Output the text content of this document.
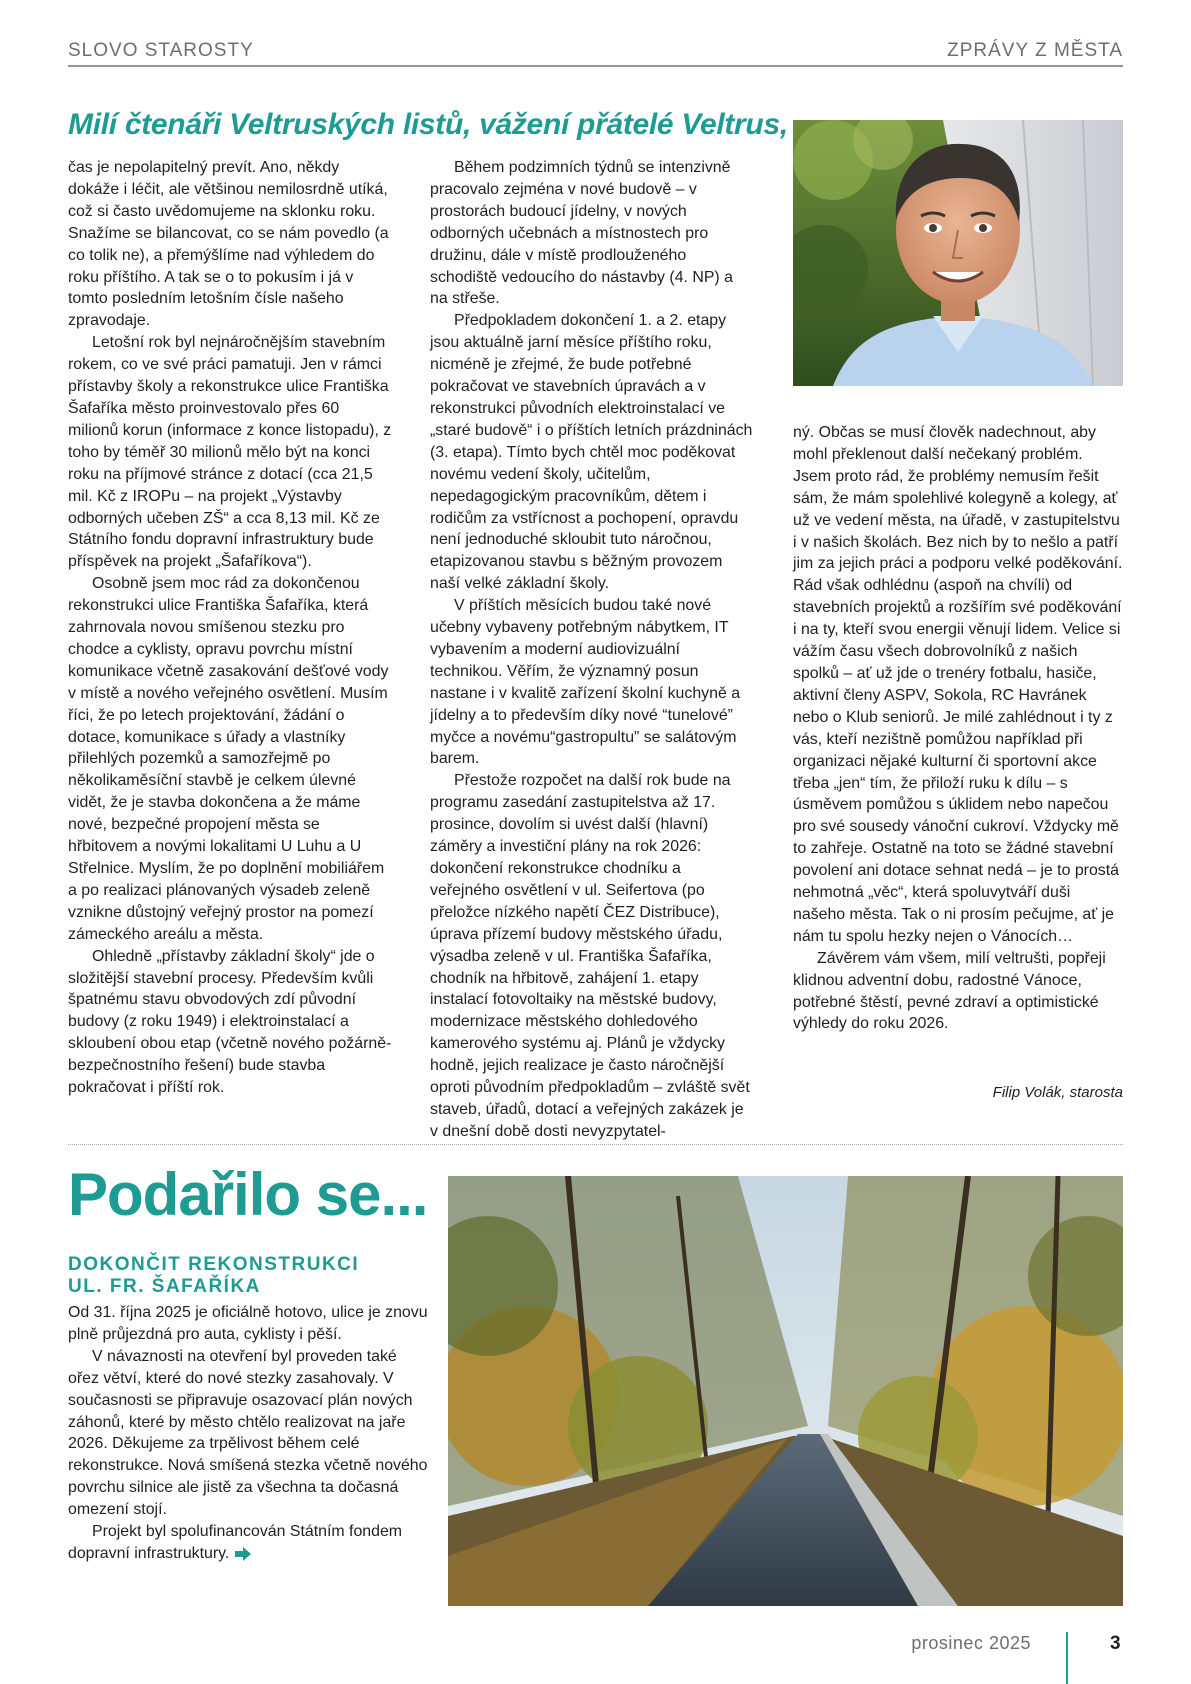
SLOVO STAROSTY	ZPRÁVY Z MĚSTA
Milí čtenáři Veltruských listů, vážení přátelé Veltrus,

čas je nepolapitelný prevít. Ano, někdy dokáže i léčit, ale většinou nemilosrdně utíká, což si často uvědomujeme na sklonku roku. Snažíme se bilancovat, co se nám povedlo (a co tolik ne), a přemýšlíme nad výhledem do roku příštího. A tak se o to pokusím i já v tomto posledním letošním čísle našeho zpravodaje.

Letošní rok byl nejnáročnějším stavebním rokem, co ve své práci pamatuji. Jen v rámci přístavby školy a rekonstrukce ulice Františka Šafaříka město proinvestovalo přes 60 milionů korun (informace z konce listopadu), z toho by téměř 30 milionů mělo být na konci roku na příjmové stránce z dotací (cca 21,5 mil. Kč z IROPu – na projekt „Výstavby odborných učeben ZŠ“ a cca 8,13 mil. Kč ze Státního fondu dopravní infrastruktury bude příspěvek na projekt „Šafaříkova“).

Osobně jsem moc rád za dokončenou rekonstrukci ulice Františka Šafaříka, která zahrnovala novou smíšenou stezku pro chodce a cyklisty, opravu povrchu místní komunikace včetně zasakování dešťové vody v místě a nového veřejného osvětlení. Musím říci, že po letech projektování, žádání o dotace, komunikace s úřady a vlastníky přilehlých pozemků a samozřejmě po několikaměsíční stavbě je celkem úlevné vidět, že je stavba dokončena a že máme nové, bezpečné propojení města se hřbitovem a novými lokalitami U Luhu a U Střelnice. Myslím, že po doplnění mobiliářem a po realizaci plánovaných výsadeb zeleně vznikne důstojný veřejný prostor na pomezí zámeckého areálu a města.

Ohledně „přístavby základní školy“ jde o složitější stavební procesy. Především kvůli špatnému stavu obvodových zdí původní budovy (z roku 1949) i elektroinstalací a skloubení obou etap (včetně nového požárně-bezpečnostního řešení) bude stavba pokračovat i příští rok.

Během podzimních týdnů se intenzivně pracovalo zejména v nové budově – v prostorách budoucí jídelny, v nových odborných učebnách a místnostech pro družinu, dále v místě prodlouženého schodiště vedoucího do nástavby (4. NP) a na střeše.

Předpokladem dokončení 1. a 2. etapy jsou aktuálně jarní měsíce příštího roku, nicméně je zřejmé, že bude potřebné pokračovat ve stavebních úpravách a v rekonstrukci původních elektroinstalací ve „staré budově“ i o příštích letních prázdninách (3. etapa). Tímto bych chtěl moc poděkovat novému vedení školy, učitelům, nepedagogickým pracovníkům, dětem i rodičům za vstřícnost a pochopení, opravdu není jednoduché skloubit tuto náročnou, etapizovanou stavbu s běžným provozem naší velké základní školy.

V příštích měsících budou také nové učebny vybaveny potřebným nábytkem, IT vybavením a moderní audiovizuální technikou. Věřím, že významný posun nastane i v kvalitě zařízení školní kuchyně a jídelny a to především díky nové “tunelové” myčce a novému“gastropultu” se salátovým barem.

Přestože rozpočet na další rok bude na programu zasedání zastupitelstva až 17. prosince, dovolím si uvést další (hlavní) záměry a investiční plány na rok 2026: dokončení rekonstrukce chodníku a veřejného osvětlení v ul. Seifertova (po přeložce nízkého napětí ČEZ Distribuce), úprava přízemí budovy městského úřadu, výsadba zeleně v ul. Františka Šafaříka, chodník na hřbitově, zahájení 1. etapy instalací fotovoltaiky na městské budovy, modernizace městského dohledového kamerového systému aj. Plánů je vždycky hodně, jejich realizace je často náročnější oproti původním předpokladům – zvláště svět staveb, úřadů, dotací a veřejných zakázek je v dnešní době dosti nevyzpytatel-

ný. Občas se musí člověk nadechnout, aby mohl překlenout další nečekaný problém. Jsem proto rád, že problémy nemusím řešit sám, že mám spolehlivé kolegyně a kolegy, ať už ve vedení města, na úřadě, v zastupitelstvu i v našich školách. Bez nich by to nešlo a patří jim za jejich práci a podporu velké poděkování. Rád však odhlédnu (aspoň na chvíli) od stavebních projektů a rozšířím své poděkování i na ty, kteří svou energii věnují lidem. Velice si vážím času všech dobrovolníků z našich spolků – ať už jde o trenéry fotbalu, hasiče, aktivní členy ASPV, Sokola, RC Havránek nebo o Klub seniorů. Je milé zahlédnout i ty z vás, kteří nezištně pomůžou například při organizaci nějaké kulturní či sportovní akce třeba „jen“ tím, že přiloží ruku k dílu – s úsměvem pomůžou s úklidem nebo napečou pro své sousedy vánoční cukroví. Vždycky mě to zahřeje. Ostatně na toto se žádné stavební povolení ani dotace sehnat nedá – je to prostá nehmotná „věc“, která spoluvytváří duši našeho města. Tak o ni prosím pečujme, ať je nám tu spolu hezky nejen o Vánocích…

Závěrem vám všem, milí veltrušti, popřeji klidnou adventní dobu, radostné Vánoce, potřebné štěstí, pevné zdraví a optimistické výhledy do roku 2026.

Filip Volák, starosta
Podařilo se...
DOKONČIT REKONSTRUKCI
UL. FR. ŠAFAŘÍKA

Od 31. října 2025 je oficiálně hotovo, ulice je znovu plně průjezdná pro auta, cyklisty i pěší.

V návaznosti na otevření byl proveden také ořez větví, které do nové stezky zasahovaly. V současnosti se připravuje osazovací plán nových záhonů, které by město chtělo realizovat na jaře 2026. Děkujeme za trpělivost během celé rekonstrukce. Nová smíšená stezka včetně nového povrchu silnice ale jistě za všechna ta dočasná omezení stojí.

Projekt byl spolufinancován Státním fondem dopravní infrastruktury.

prosinec 2025	3
